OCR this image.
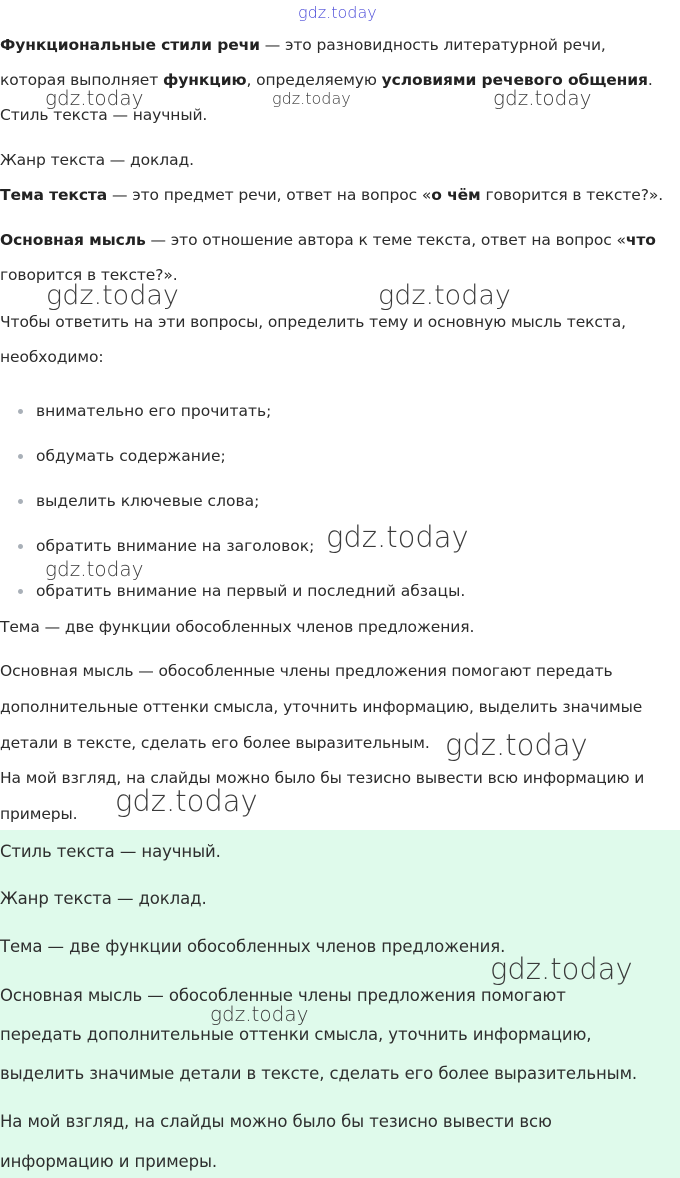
Функциональные стили речи — это разновидность литературной речи,

которая выполняет функцию, определяемую условиями речевого общения.

Стиль текста — научный.

Жанр текста — доклад.

Тема текста — это предмет речи, ответ на вопрос «о чём говорится в тексте?».

Основная мысль — это отношение автора к теме текста, ответ на вопрос «что

говорится в тексте?».

Чтобы ответить на эти вопросы, определить тему и основную мысль текста,

необходимо:

внимательно его прочитать;
обдумать содержание;
выделить ключевые слова;
обратить внимание на заголовок;
обратить внимание на первый и последний абзацы.

Тема — две функции обособленных членов предложения.

Основная мысль — обособленные члены предложения помогают передать

дополнительные оттенки смысла, уточнить информацию, выделить значимые

детали в тексте, сделать его более выразительным.

На мой взгляд, на слайды можно было бы тезисно вывести всю информацию и

примеры.

Стиль текста — научный.

Жанр текста — доклад.

Тема — две функции обособленных членов предложения.

Основная мысль — обособленные члены предложения помогают

передать дополнительные оттенки смысла, уточнить информацию,

выделить значимые детали в тексте, сделать его более выразительным.

На мой взгляд, на слайды можно было бы тезисно вывести всю

информацию и примеры.

gdz.today
gdz.today	gdz.today	gdz.today
gdz.today	gdz.today
gdz.today
gdz.today
gdz.today
gdz.today
gdz.today
gdz.today
